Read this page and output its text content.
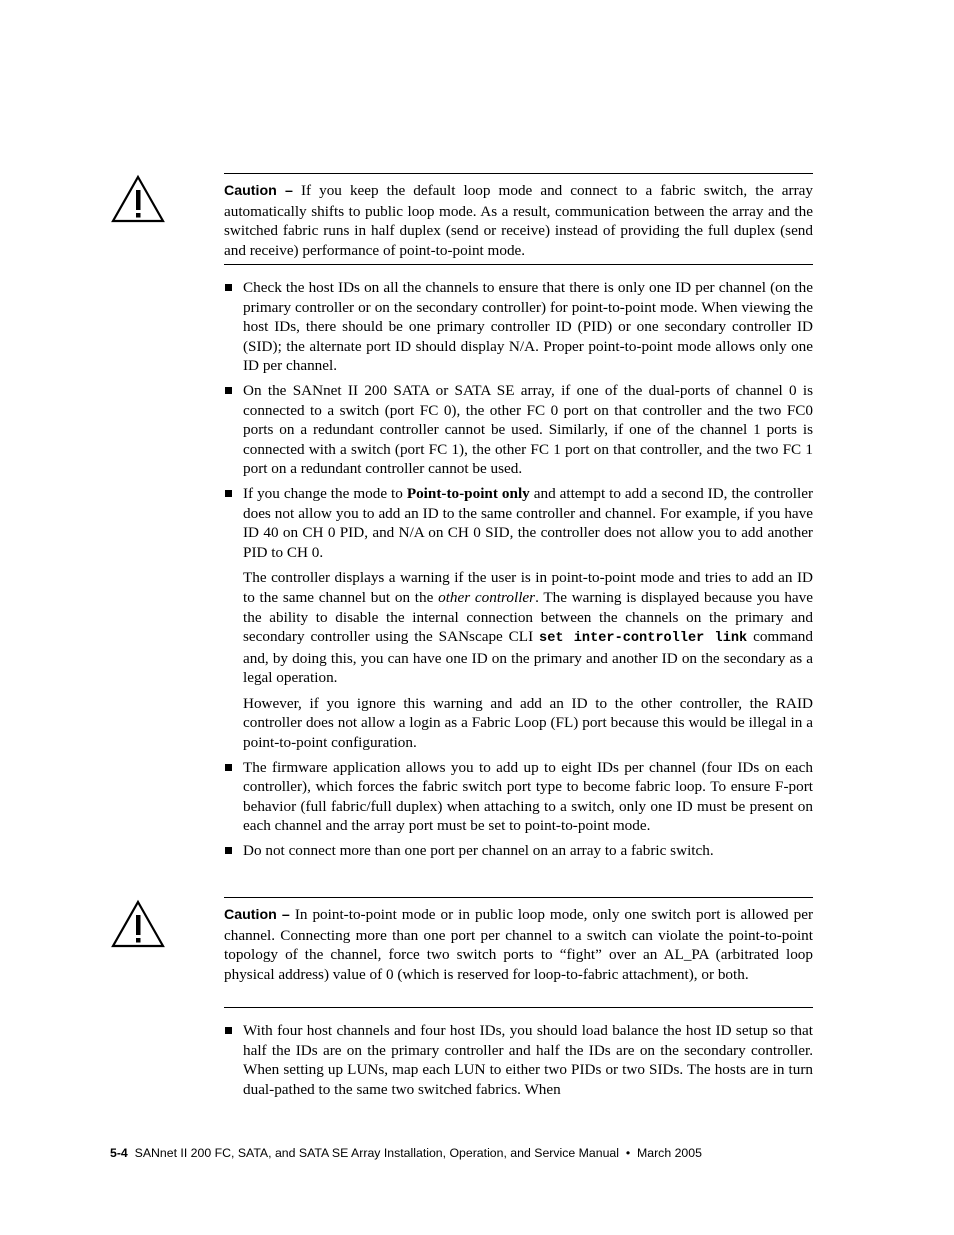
Caution – If you keep the default loop mode and connect to a fabric switch, the array automatically shifts to public loop mode. As a result, communication between the array and the switched fabric runs in half duplex (send or receive) instead of providing the full duplex (send and receive) performance of point-to-point mode.

Check the host IDs on all the channels to ensure that there is only one ID per channel (on the primary controller or on the secondary controller) for point-to-point mode. When viewing the host IDs, there should be one primary controller ID (PID) or one secondary controller ID (SID); the alternate port ID should display N/A. Proper point-to-point mode allows only one ID per channel.

On the SANnet II 200 SATA or SATA SE array, if one of the dual-ports of channel 0 is connected to a switch (port FC 0), the other FC 0 port on that controller and the two FC0 ports on a redundant controller cannot be used. Similarly, if one of the channel 1 ports is connected with a switch (port FC 1), the other FC 1 port on that controller, and the two FC 1 port on a redundant controller cannot be used.

If you change the mode to Point-to-point only and attempt to add a second ID, the controller does not allow you to add an ID to the same controller and channel. For example, if you have ID 40 on CH 0 PID, and N/A on CH 0 SID, the controller does not allow you to add another PID to CH 0.

The controller displays a warning if the user is in point-to-point mode and tries to add an ID to the same channel but on the other controller. The warning is displayed because you have the ability to disable the internal connection between the channels on the primary and secondary controller using the SANscape CLI set inter-controller link command and, by doing this, you can have one ID on the primary and another ID on the secondary as a legal operation.

However, if you ignore this warning and add an ID to the other controller, the RAID controller does not allow a login as a Fabric Loop (FL) port because this would be illegal in a point-to-point configuration.

The firmware application allows you to add up to eight IDs per channel (four IDs on each controller), which forces the fabric switch port type to become fabric loop. To ensure F-port behavior (full fabric/full duplex) when attaching to a switch, only one ID must be present on each channel and the array port must be set to point-to-point mode.

Do not connect more than one port per channel on an array to a fabric switch.

Caution – In point-to-point mode or in public loop mode, only one switch port is allowed per channel. Connecting more than one port per channel to a switch can violate the point-to-point topology of the channel, force two switch ports to “fight” over an AL_PA (arbitrated loop physical address) value of 0 (which is reserved for loop-to-fabric attachment), or both.

With four host channels and four host IDs, you should load balance the host ID setup so that half the IDs are on the primary controller and half the IDs are on the secondary controller. When setting up LUNs, map each LUN to either two PIDs or two SIDs. The hosts are in turn dual-pathed to the same two switched fabrics. When

5-4 SANnet II 200 FC, SATA, and SATA SE Array Installation, Operation, and Service Manual • March 2005
